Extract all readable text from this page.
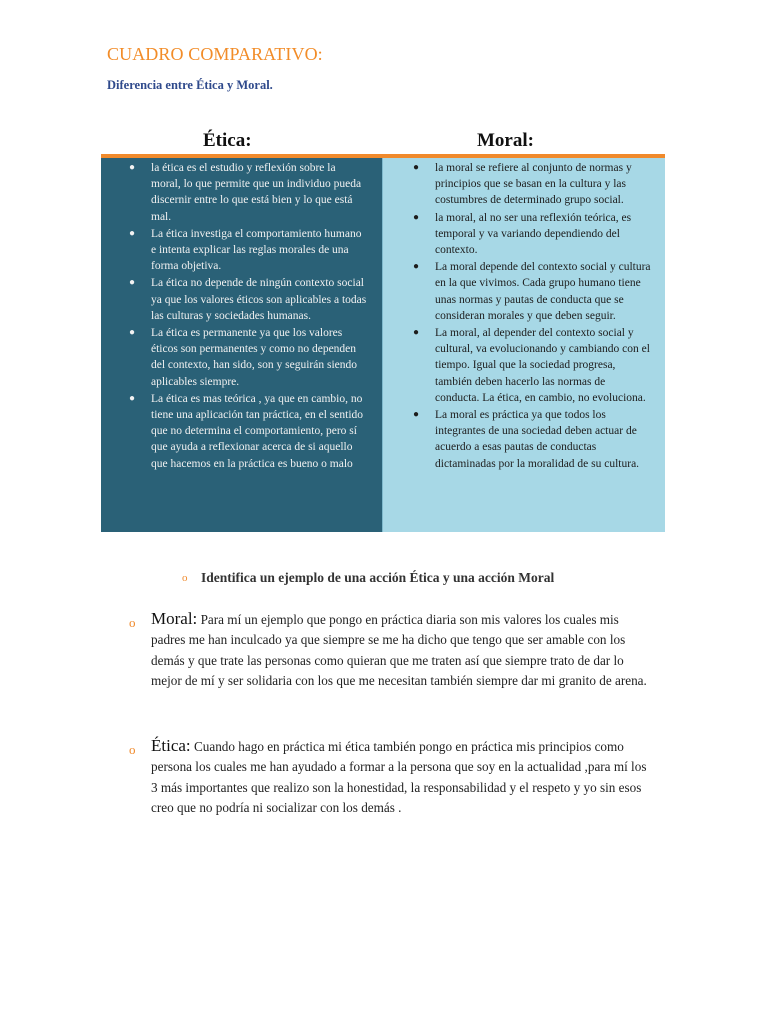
CUADRO COMPARATIVO:
Diferencia entre Ética y Moral.
Ética:	Moral:
● la ética es el estudio y reflexión sobre la moral, lo que permite que un individuo pueda discernir entre lo que está bien y lo que está mal.
● La ética investiga el comportamiento humano e intenta explicar las reglas morales de una forma objetiva.
● La ética no depende de ningún contexto social ya que los valores éticos son aplicables a todas las culturas y sociedades humanas.
● La ética es permanente ya que los valores éticos son permanentes y como no dependen del contexto, han sido, son y seguirán siendo aplicables siempre.
● La ética es mas teórica , ya que en cambio, no tiene una aplicación tan práctica, en el sentido que no determina el comportamiento, pero sí que ayuda a reflexionar acerca de si aquello que hacemos en la práctica es bueno o malo
● la moral se refiere al conjunto de normas y principios que se basan en la cultura y las costumbres de determinado grupo social.
● la moral, al no ser una reflexión teórica, es temporal y va variando dependiendo del contexto.
● La moral depende del contexto social y cultura en la que vivimos. Cada grupo humano tiene unas normas y pautas de conducta que se consideran morales y que deben seguir.
● La moral, al depender del contexto social y cultural, va evolucionando y cambiando con el tiempo. Igual que la sociedad progresa, también deben hacerlo las normas de conducta. La ética, en cambio, no evoluciona.
● La moral es práctica ya que todos los integrantes de una sociedad deben actuar de acuerdo a esas pautas de conductas dictaminadas por la moralidad de su cultura.
o Identifica un ejemplo de una acción Ética y una acción Moral
o Moral: Para mí un ejemplo que pongo en práctica diaria son mis valores los cuales mis padres me han inculcado ya que siempre se me ha dicho que tengo que ser amable con los demás y que trate las personas como quieran que me traten así que siempre trato de dar lo mejor de mí y ser solidaria con los que me necesitan también siempre dar mi granito de arena.
o Ética: Cuando hago en práctica mi ética también pongo en práctica mis principios como persona los cuales me han ayudado a formar a la persona que soy en la actualidad ,para mí los 3 más importantes que realizo son la honestidad, la responsabilidad y el respeto y yo sin esos creo que no podría ni socializar con los demás .
